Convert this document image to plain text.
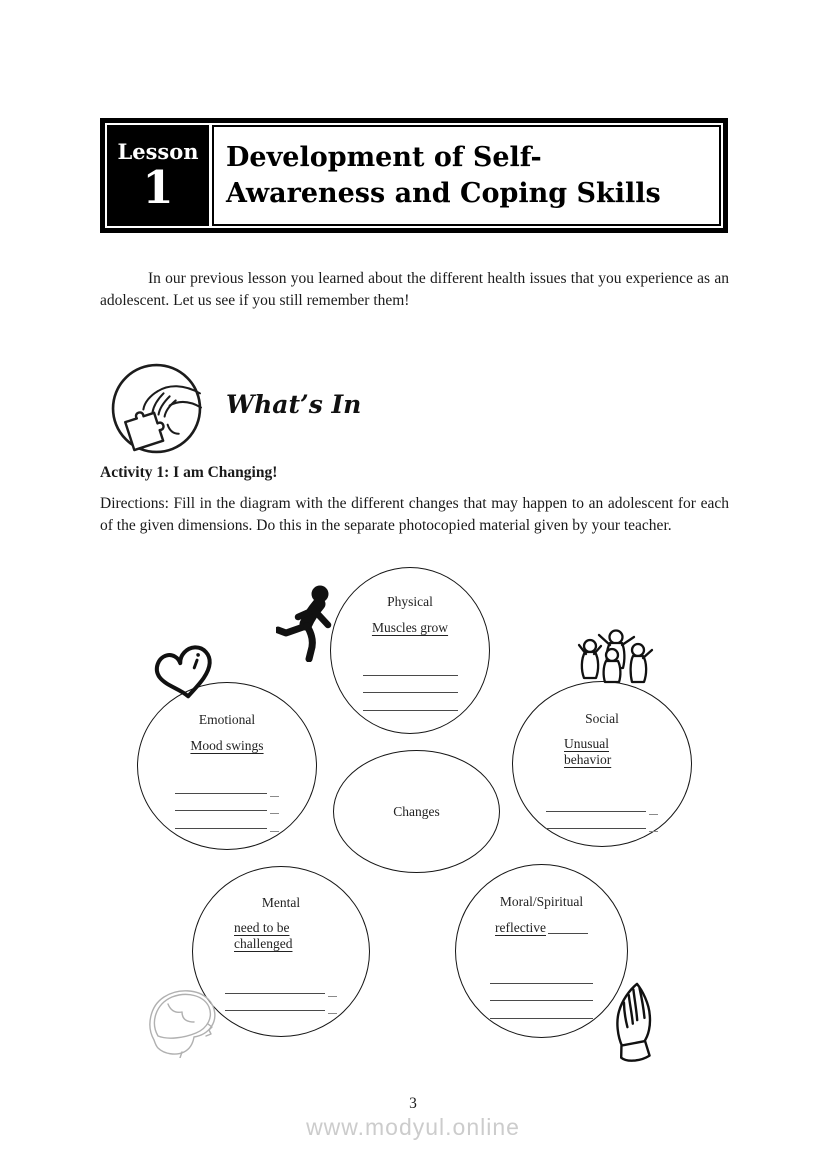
Lesson
1
Development of Self-
Awareness and Coping Skills

In our previous lesson you learned about the different health issues that you experience as an adolescent. Let us see if you still remember them!

What’s In
Activity 1: I am Changing!

Directions: Fill in the diagram with the different changes that may happen to an adolescent for each of the given dimensions. Do this in the separate photocopied material given by your teacher.

Physical
Muscles grow
Emotional
Mood swings
Social
Unusual behavior
Changes
Mental
need to be challenged
Moral/Spiritual
reflective

3

www.modyul.online
